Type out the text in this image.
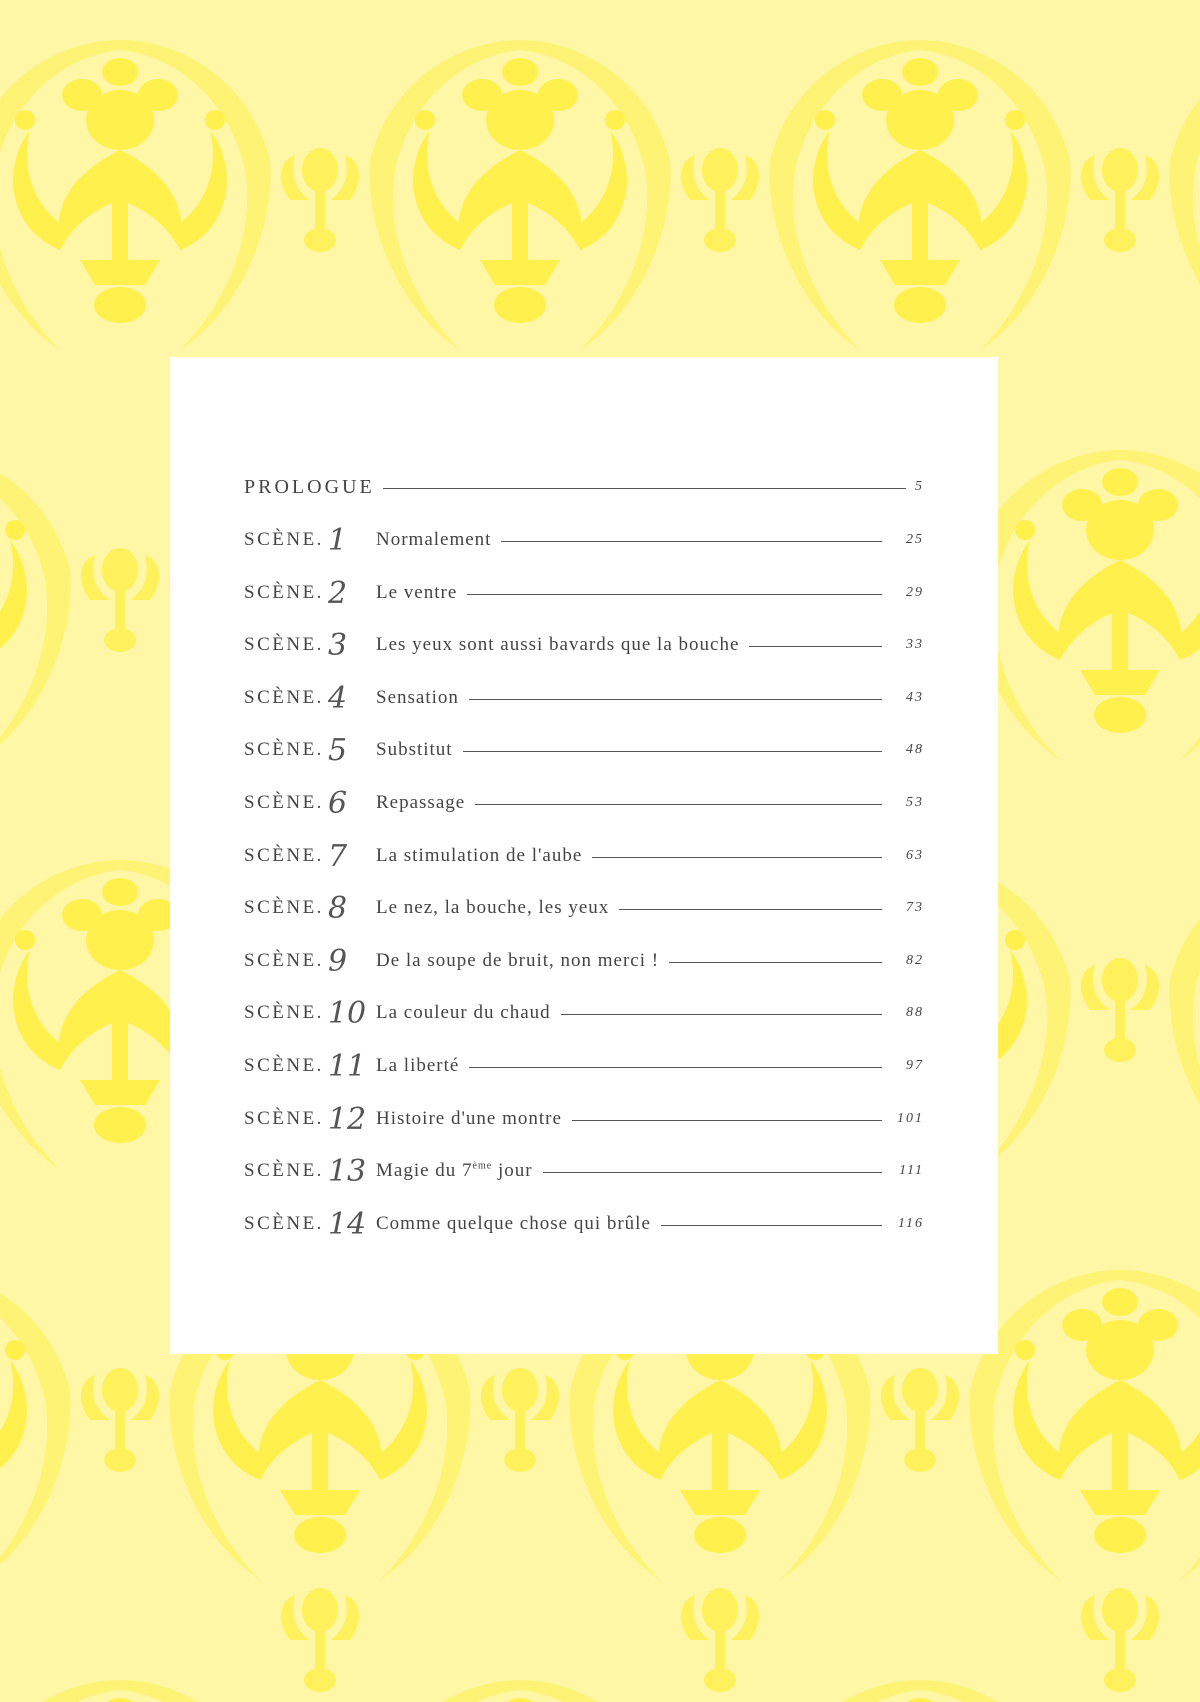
PROLOGUE	5
SCÈNE. 1 Normalement	25
SCÈNE. 2 Le ventre	29
SCÈNE. 3 Les yeux sont aussi bavards que la bouche	33
SCÈNE. 4 Sensation	43
SCÈNE. 5 Substitut	48
SCÈNE. 6 Repassage	53
SCÈNE. 7 La stimulation de l'aube	63
SCÈNE. 8 Le nez, la bouche, les yeux	73
SCÈNE. 9 De la soupe de bruit, non merci !	82
SCÈNE. 10 La couleur du chaud	88
SCÈNE. 11 La liberté	97
SCÈNE. 12 Histoire d'une montre	101
SCÈNE. 13 Magie du 7ème jour	111
SCÈNE. 14 Comme quelque chose qui brûle	116
